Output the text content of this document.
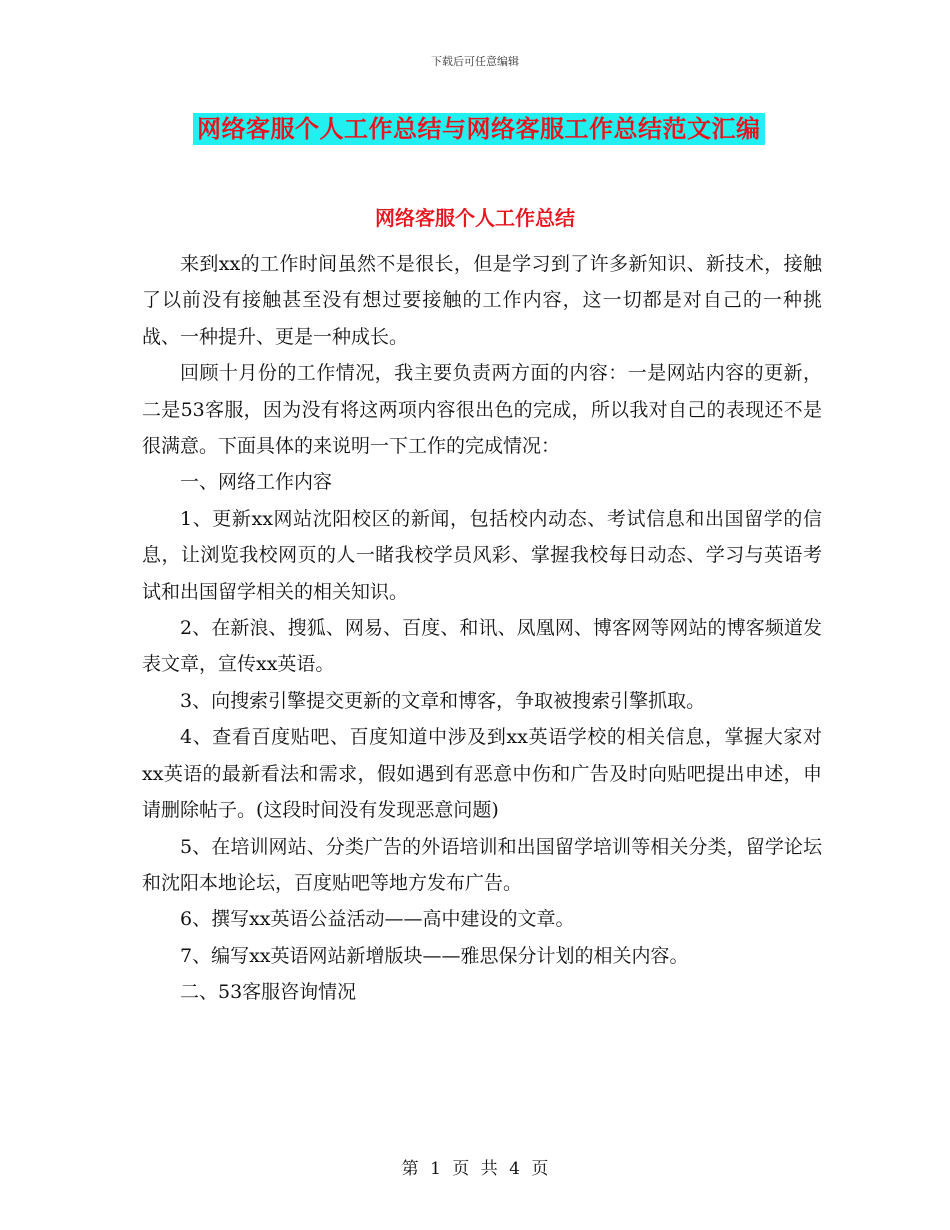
下载后可任意编辑
网络客服个人工作总结与网络客服工作总结范文汇编
网络客服个人工作总结

来到xx的工作时间虽然不是很长，但是学习到了许多新知识、新技术，接触了以前没有接触甚至没有想过要接触的工作内容，这一切都是对自己的一种挑战、一种提升、更是一种成长。

回顾十月份的工作情况，我主要负责两方面的内容：一是网站内容的更新，二是53客服，因为没有将这两项内容很出色的完成，所以我对自己的表现还不是很满意。下面具体的来说明一下工作的完成情况：

一、网络工作内容

1、更新xx网站沈阳校区的新闻，包括校内动态、考试信息和出国留学的信息，让浏览我校网页的人一睹我校学员风彩、掌握我校每日动态、学习与英语考试和出国留学相关的相关知识。

2、在新浪、搜狐、网易、百度、和讯、凤凰网、博客网等网站的博客频道发表文章，宣传xx英语。

3、向搜索引擎提交更新的文章和博客，争取被搜索引擎抓取。

4、查看百度贴吧、百度知道中涉及到xx英语学校的相关信息，掌握大家对xx英语的最新看法和需求，假如遇到有恶意中伤和广告及时向贴吧提出申述，申请删除帖子。(这段时间没有发现恶意问题)

5、在培训网站、分类广告的外语培训和出国留学培训等相关分类，留学论坛和沈阳本地论坛，百度贴吧等地方发布广告。

6、撰写xx英语公益活动——高中建设的文章。

7、编写xx英语网站新增版块——雅思保分计划的相关内容。

二、53客服咨询情况

第 1 页 共 4 页
